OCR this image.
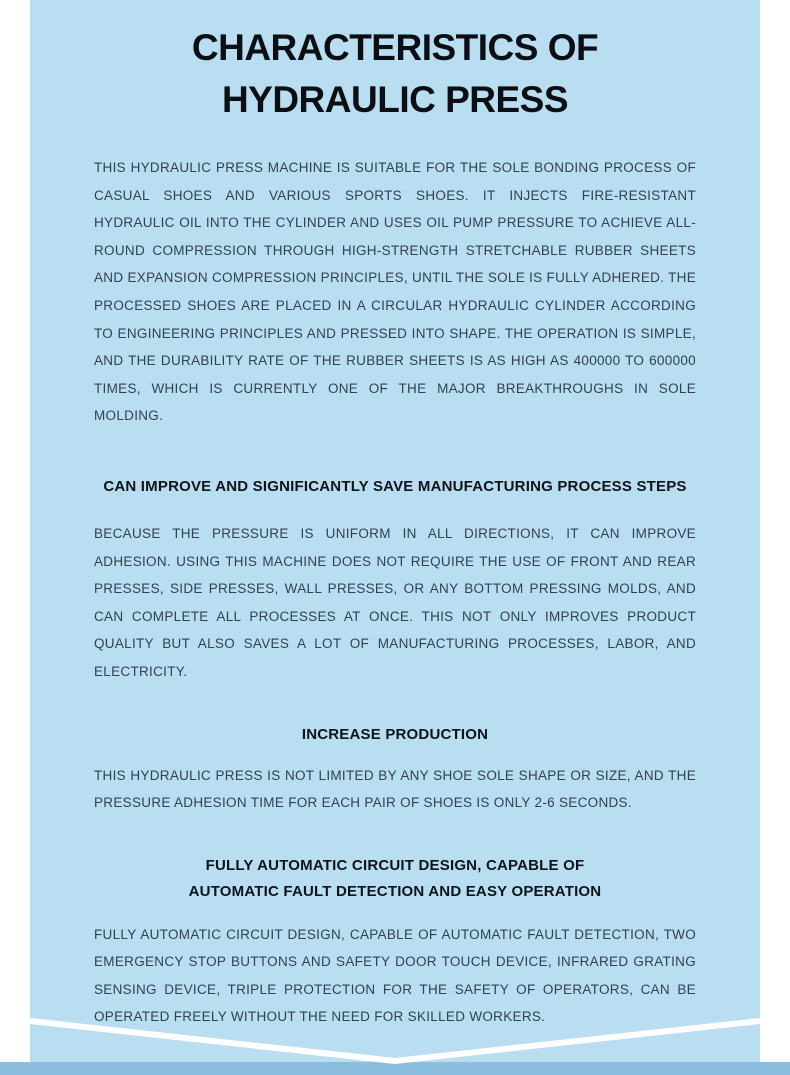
CHARACTERISTICS OF
HYDRAULIC PRESS

THIS HYDRAULIC PRESS MACHINE IS SUITABLE FOR THE SOLE BONDING PROCESS OF CASUAL SHOES AND VARIOUS SPORTS SHOES. IT INJECTS FIRE-RESISTANT HYDRAULIC OIL INTO THE CYLINDER AND USES OIL PUMP PRESSURE TO ACHIEVE ALL-ROUND COMPRESSION THROUGH HIGH-STRENGTH STRETCHABLE RUBBER SHEETS AND EXPANSION COMPRESSION PRINCIPLES, UNTIL THE SOLE IS FULLY ADHERED. THE PROCESSED SHOES ARE PLACED IN A CIRCULAR HYDRAULIC CYLINDER ACCORDING TO ENGINEERING PRINCIPLES AND PRESSED INTO SHAPE. THE OPERATION IS SIMPLE, AND THE DURABILITY RATE OF THE RUBBER SHEETS IS AS HIGH AS 400000 TO 600000 TIMES, WHICH IS CURRENTLY ONE OF THE MAJOR BREAKTHROUGHS IN SOLE MOLDING.

CAN IMPROVE AND SIGNIFICANTLY SAVE MANUFACTURING PROCESS STEPS

BECAUSE THE PRESSURE IS UNIFORM IN ALL DIRECTIONS, IT CAN IMPROVE ADHESION. USING THIS MACHINE DOES NOT REQUIRE THE USE OF FRONT AND REAR PRESSES, SIDE PRESSES, WALL PRESSES, OR ANY BOTTOM PRESSING MOLDS, AND CAN COMPLETE ALL PROCESSES AT ONCE. THIS NOT ONLY IMPROVES PRODUCT QUALITY BUT ALSO SAVES A LOT OF MANUFACTURING PROCESSES, LABOR, AND ELECTRICITY.

INCREASE PRODUCTION

THIS HYDRAULIC PRESS IS NOT LIMITED BY ANY SHOE SOLE SHAPE OR SIZE, AND THE PRESSURE ADHESION TIME FOR EACH PAIR OF SHOES IS ONLY 2-6 SECONDS.

FULLY AUTOMATIC CIRCUIT DESIGN, CAPABLE OF
AUTOMATIC FAULT DETECTION AND EASY OPERATION

FULLY AUTOMATIC CIRCUIT DESIGN, CAPABLE OF AUTOMATIC FAULT DETECTION, TWO EMERGENCY STOP BUTTONS AND SAFETY DOOR TOUCH DEVICE, INFRARED GRATING SENSING DEVICE, TRIPLE PROTECTION FOR THE SAFETY OF OPERATORS, CAN BE OPERATED FREELY WITHOUT THE NEED FOR SKILLED WORKERS.
